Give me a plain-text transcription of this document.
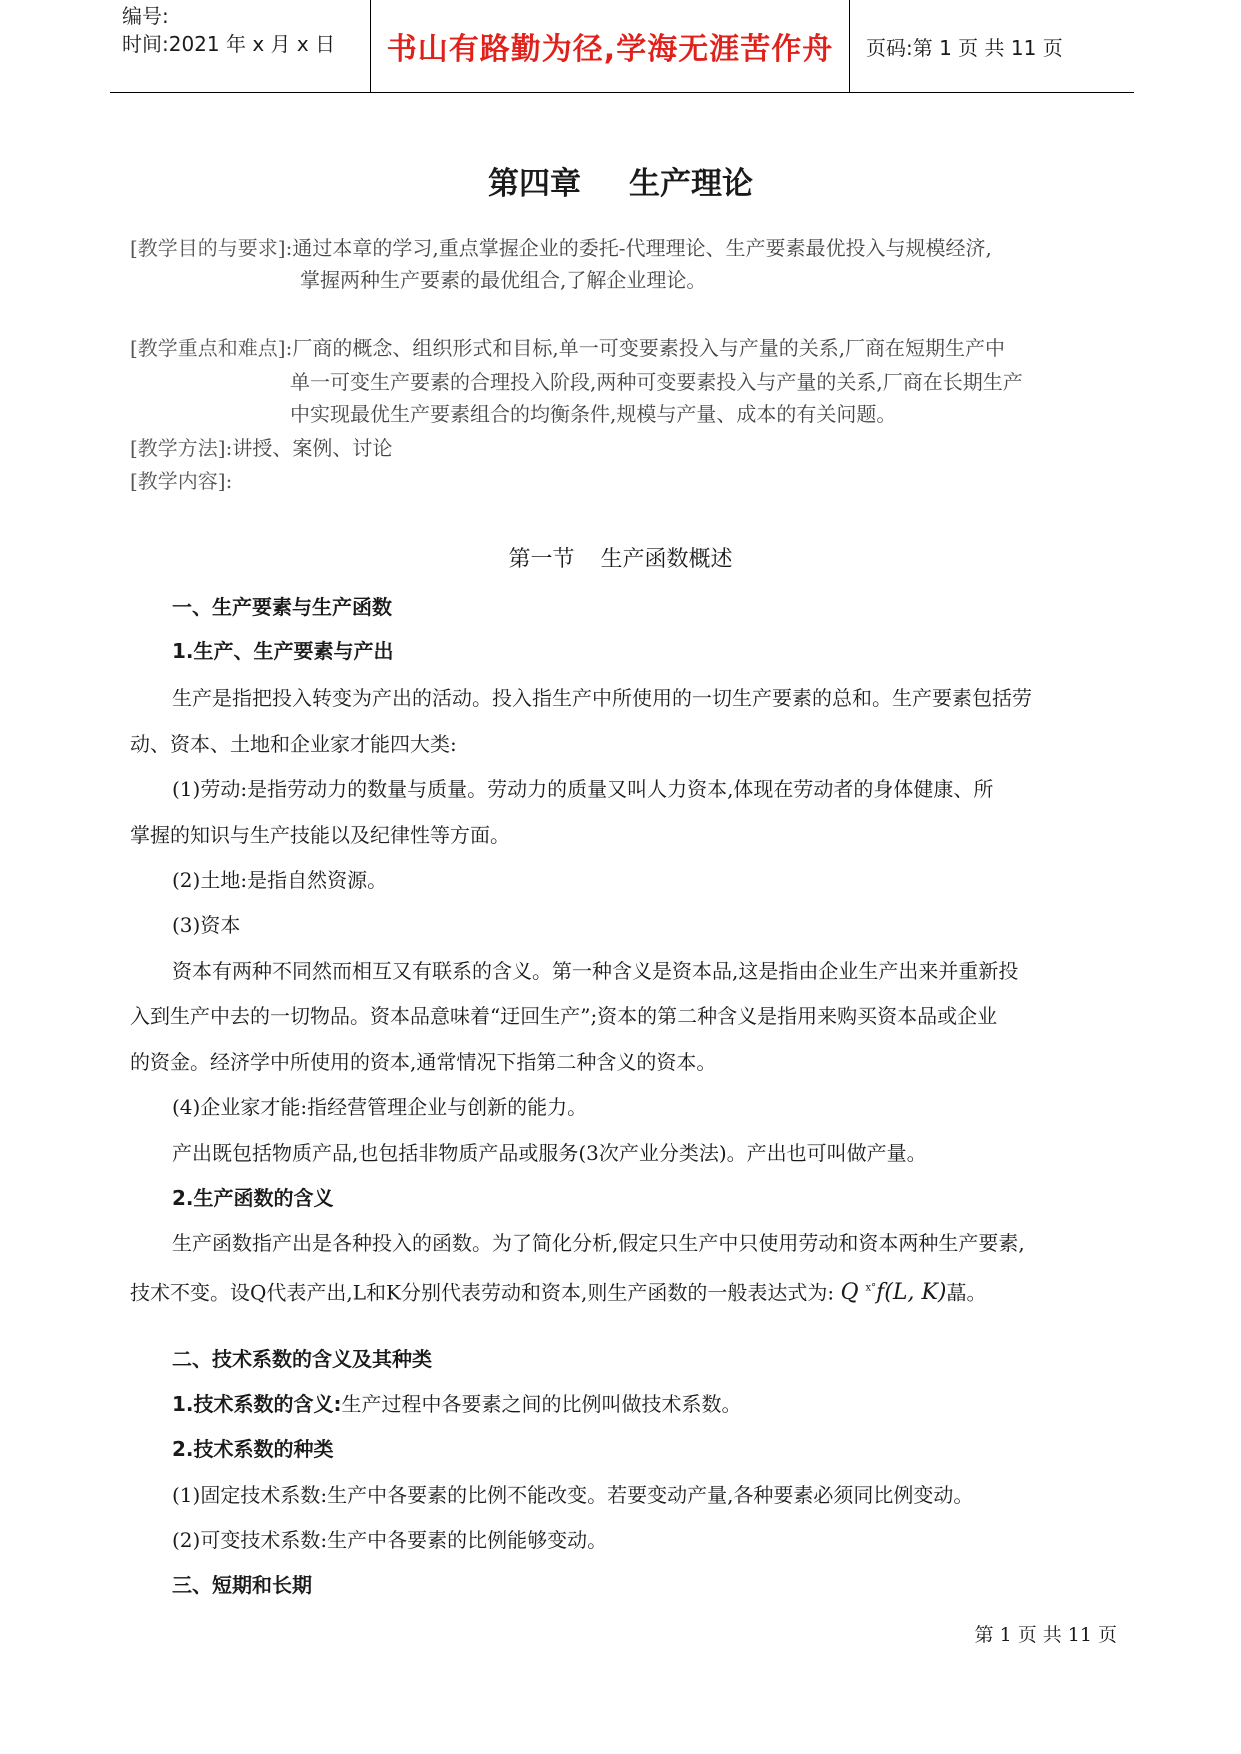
编号:
时间:2021 年 x 月 x 日	书山有路勤为径,学海无涯苦作舟 页码:第 1 页 共 11 页
第四章 生产理论
[教学目的与要求]:通过本章的学习,重点掌握企业的委托-代理理论、生产要素最优投入与规模经济,
掌握两种生产要素的最优组合,了解企业理论。
[教学重点和难点]:厂商的概念、组织形式和目标,单一可变要素投入与产量的关系,厂商在短期生产中
单一可变生产要素的合理投入阶段,两种可变要素投入与产量的关系,厂商在长期生产
中实现最优生产要素组合的均衡条件,规模与产量、成本的有关问题。
[教学方法]:讲授、案例、讨论
[教学内容]:
第一节 生产函数概述
一、生产要素与生产函数
1.生产、生产要素与产出
生产是指把投入转变为产出的活动。投入指生产中所使用的一切生产要素的总和。生产要素包括劳
动、资本、土地和企业家才能四大类:
(1)劳动:是指劳动力的数量与质量。劳动力的质量又叫人力资本,体现在劳动者的身体健康、所
掌握的知识与生产技能以及纪律性等方面。
(2)土地:是指自然资源。
(3)资本
资本有两种不同然而相互又有联系的含义。第一种含义是资本品,这是指由企业生产出来并重新投
入到生产中去的一切物品。资本品意味着“迂回生产”;资本的第二种含义是指用来购买资本品或企业
的资金。经济学中所使用的资本,通常情况下指第二种含义的资本。
(4)企业家才能:指经营管理企业与创新的能力。
产出既包括物质产品,也包括非物质产品或服务(3次产业分类法)。产出也可叫做产量。
2.生产函数的含义
生产函数指产出是各种投入的函数。为了简化分析,假定只生产中只使用劳动和资本两种生产要素,
技术不变。设Q代表产出,L和K分别代表劳动和资本,则生产函数的一般表达式为: Q $^{x^\circ}$f(L, K)蕌。
二、技术系数的含义及其种类
1.技术系数的含义:生产过程中各要素之间的比例叫做技术系数。
2.技术系数的种类
(1)固定技术系数:生产中各要素的比例不能改变。若要变动产量,各种要素必须同比例变动。
(2)可变技术系数:生产中各要素的比例能够变动。
三、短期和长期
第 1 页 共 11 页
